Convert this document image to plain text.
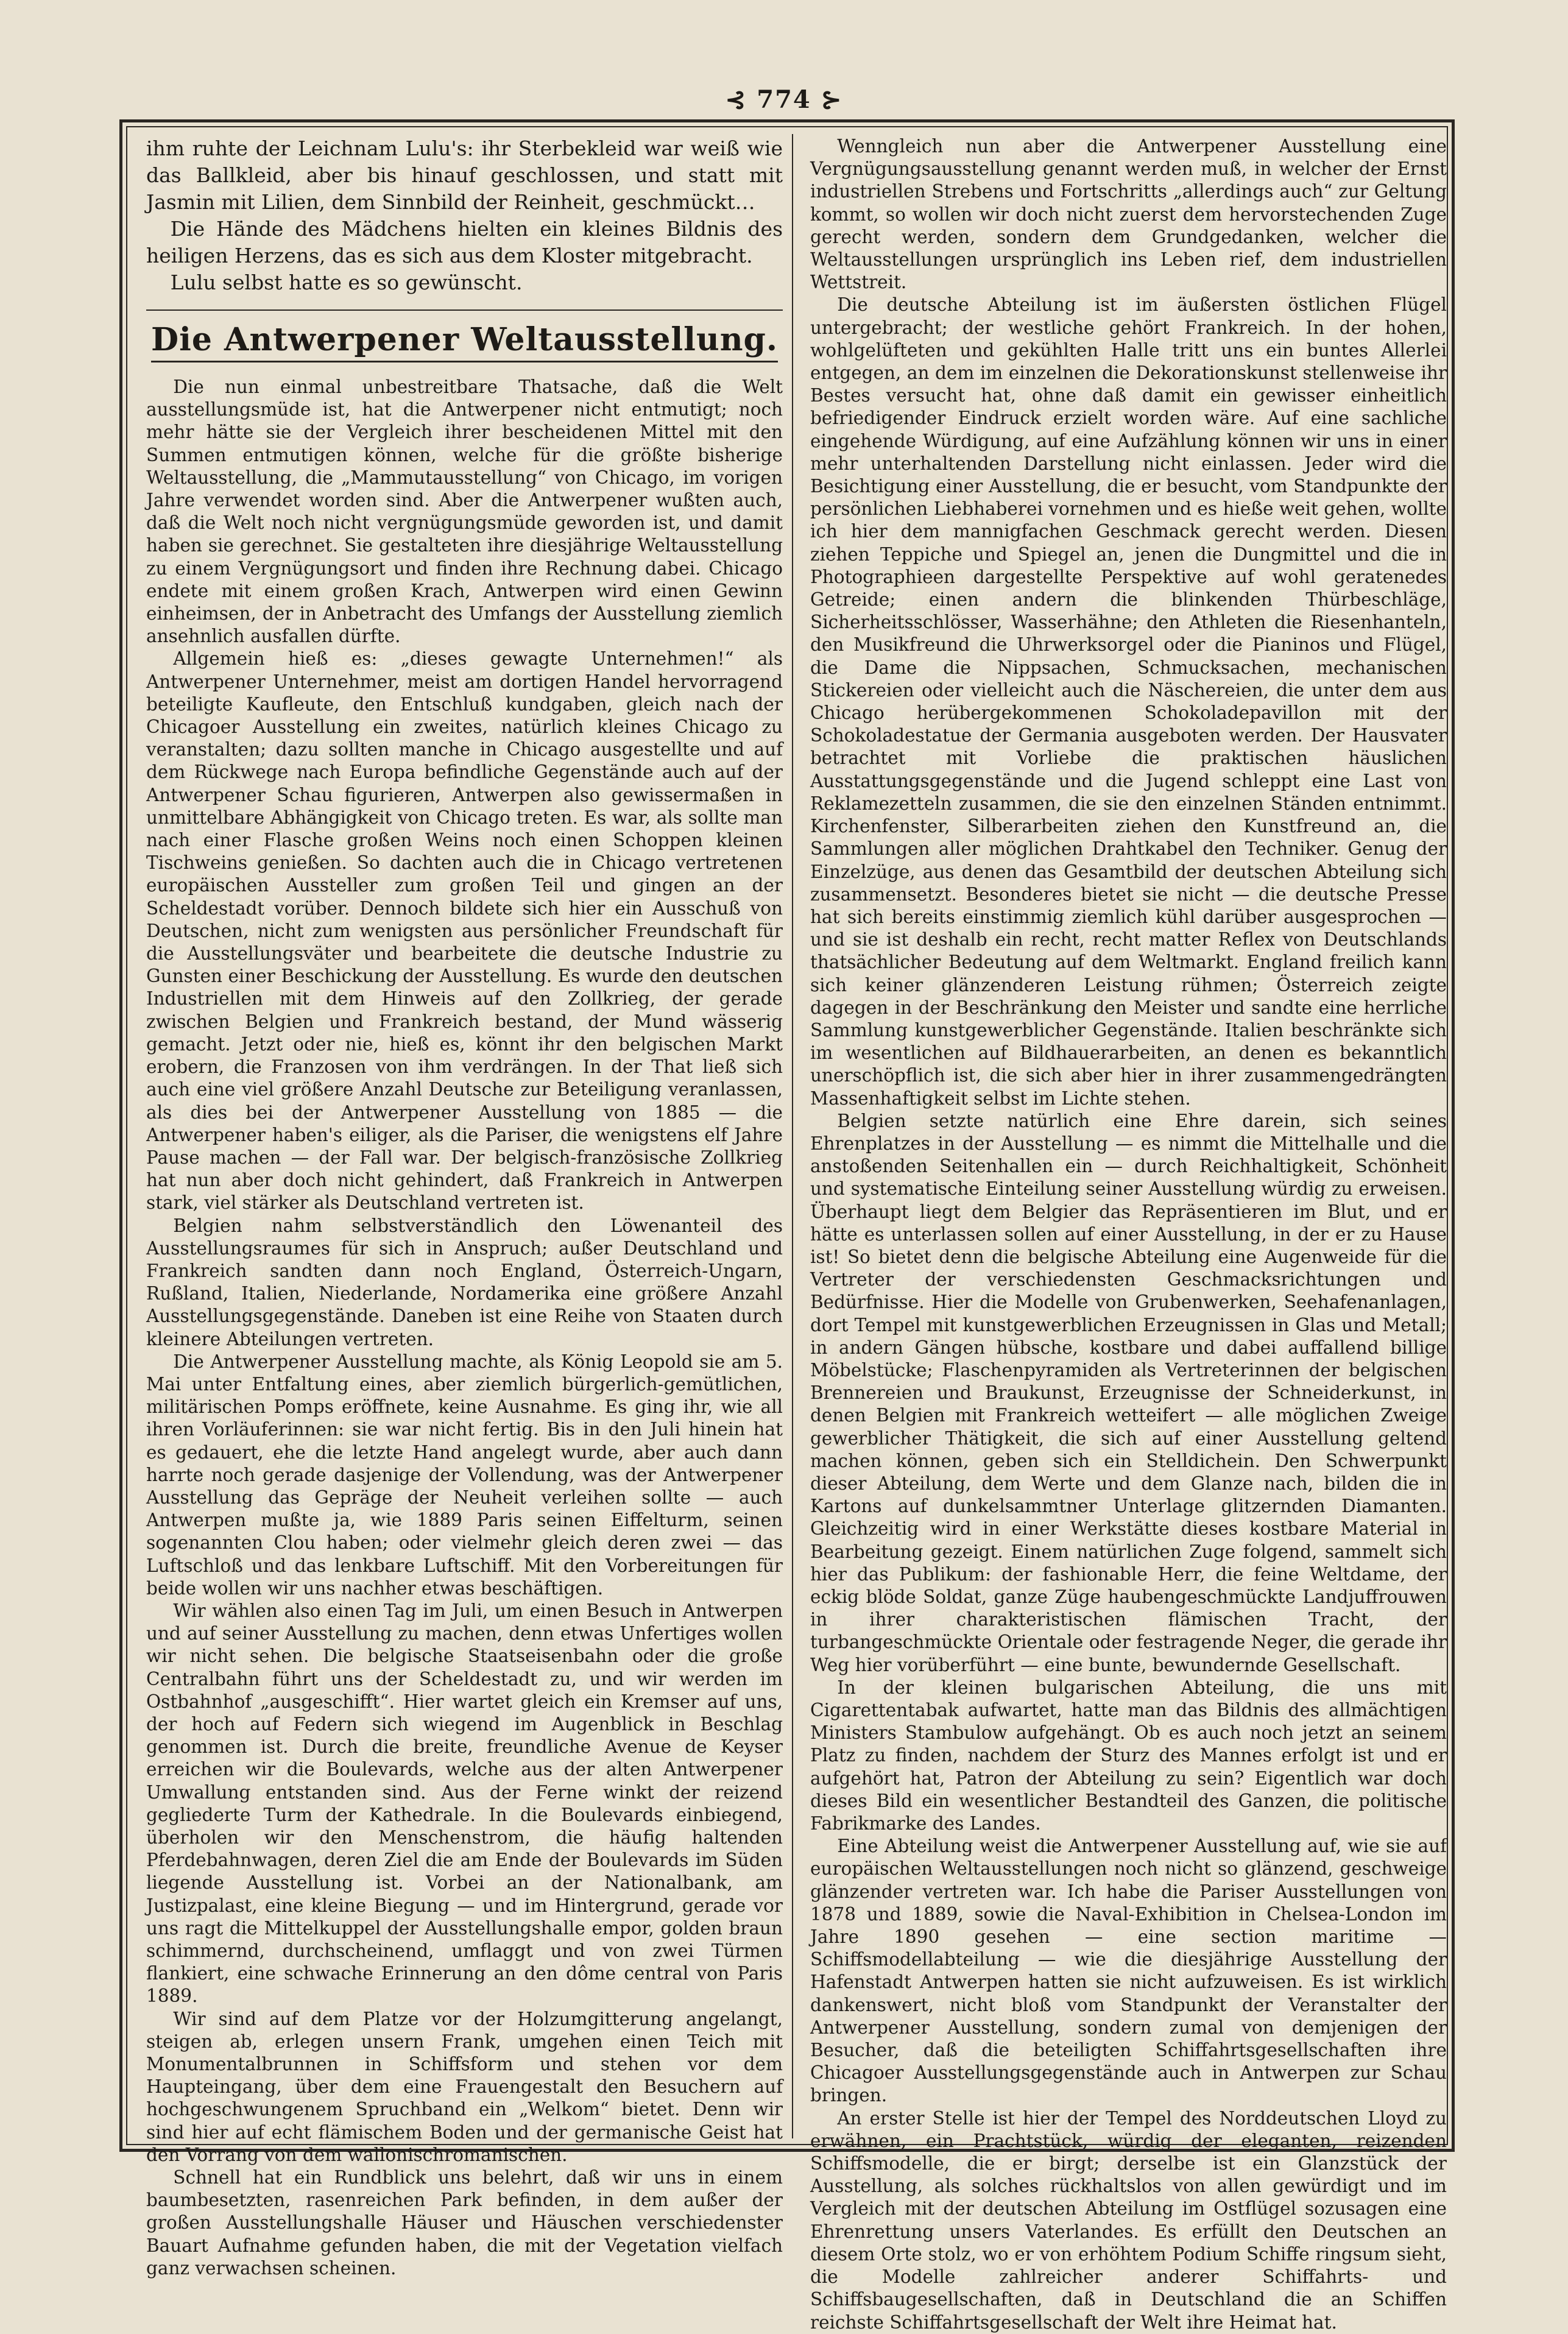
⊰ 774 ⊱

ihm ruhte der Leichnam Lulu's: ihr Sterbekleid war weiß wie das Ballkleid, aber bis hinauf geschlossen, und statt mit Jasmin mit Lilien, dem Sinnbild der Reinheit, geschmückt…

Die Hände des Mädchens hielten ein kleines Bildnis des heiligen Herzens, das es sich aus dem Kloster mitgebracht.

Lulu selbst hatte es so gewünscht.

Die Antwerpener Weltausstellung.

Die nun einmal unbestreitbare Thatsache, daß die Welt ausstellungsmüde ist, hat die Antwerpener nicht entmutigt; noch mehr hätte sie der Vergleich ihrer bescheidenen Mittel mit den Summen entmutigen können, welche für die größte bisherige Weltausstellung, die „Mammutausstellung“ von Chicago, im vorigen Jahre verwendet worden sind. Aber die Antwerpener wußten auch, daß die Welt noch nicht vergnügungsmüde geworden ist, und damit haben sie gerechnet. Sie gestalteten ihre diesjährige Weltausstellung zu einem Vergnügungsort und finden ihre Rechnung dabei. Chicago endete mit einem großen Krach, Antwerpen wird einen Gewinn einheimsen, der in Anbetracht des Umfangs der Ausstellung ziemlich ansehnlich ausfallen dürfte.

Allgemein hieß es: „dieses gewagte Unternehmen!“ als Antwerpener Unternehmer, meist am dortigen Handel hervorragend beteiligte Kaufleute, den Entschluß kundgaben, gleich nach der Chicagoer Ausstellung ein zweites, natürlich kleines Chicago zu veranstalten; dazu sollten manche in Chicago ausgestellte und auf dem Rückwege nach Europa befindliche Gegenstände auch auf der Antwerpener Schau figurieren, Antwerpen also gewissermaßen in unmittelbare Abhängigkeit von Chicago treten. Es war, als sollte man nach einer Flasche großen Weins noch einen Schoppen kleinen Tischweins genießen. So dachten auch die in Chicago vertretenen europäischen Aussteller zum großen Teil und gingen an der Scheldestadt vorüber. Dennoch bildete sich hier ein Ausschuß von Deutschen, nicht zum wenigsten aus persönlicher Freundschaft für die Ausstellungsväter und bearbeitete die deutsche Industrie zu Gunsten einer Beschickung der Ausstellung. Es wurde den deutschen Industriellen mit dem Hinweis auf den Zollkrieg, der gerade zwischen Belgien und Frankreich bestand, der Mund wässerig gemacht. Jetzt oder nie, hieß es, könnt ihr den belgischen Markt erobern, die Franzosen von ihm verdrängen. In der That ließ sich auch eine viel größere Anzahl Deutsche zur Beteiligung veranlassen, als dies bei der Antwerpener Ausstellung von 1885 — die Antwerpener haben's eiliger, als die Pariser, die wenigstens elf Jahre Pause machen — der Fall war. Der belgisch-französische Zollkrieg hat nun aber doch nicht gehindert, daß Frankreich in Antwerpen stark, viel stärker als Deutschland vertreten ist.

Belgien nahm selbstverständlich den Löwenanteil des Ausstellungsraumes für sich in Anspruch; außer Deutschland und Frankreich sandten dann noch England, Österreich-Ungarn, Rußland, Italien, Niederlande, Nordamerika eine größere Anzahl Ausstellungsgegenstände. Daneben ist eine Reihe von Staaten durch kleinere Abteilungen vertreten.

Die Antwerpener Ausstellung machte, als König Leopold sie am 5. Mai unter Entfaltung eines, aber ziemlich bürgerlich-gemütlichen, militärischen Pomps eröffnete, keine Ausnahme. Es ging ihr, wie all ihren Vorläuferinnen: sie war nicht fertig. Bis in den Juli hinein hat es gedauert, ehe die letzte Hand angelegt wurde, aber auch dann harrte noch gerade dasjenige der Vollendung, was der Antwerpener Ausstellung das Gepräge der Neuheit verleihen sollte — auch Antwerpen mußte ja, wie 1889 Paris seinen Eiffelturm, seinen sogenannten Clou haben; oder vielmehr gleich deren zwei — das Luftschloß und das lenkbare Luftschiff. Mit den Vorbereitungen für beide wollen wir uns nachher etwas beschäftigen.

Wir wählen also einen Tag im Juli, um einen Besuch in Antwerpen und auf seiner Ausstellung zu machen, denn etwas Unfertiges wollen wir nicht sehen. Die belgische Staatseisenbahn oder die große Centralbahn führt uns der Scheldestadt zu, und wir werden im Ostbahnhof „ausgeschifft“. Hier wartet gleich ein Kremser auf uns, der hoch auf Federn sich wiegend im Augenblick in Beschlag genommen ist. Durch die breite, freundliche Avenue de Keyser erreichen wir die Boulevards, welche aus der alten Antwerpener Umwallung entstanden sind. Aus der Ferne winkt der reizend gegliederte Turm der Kathedrale. In die Boulevards einbiegend, überholen wir den Menschenstrom, die häufig haltenden Pferdebahnwagen, deren Ziel die am Ende der Boulevards im Süden liegende Ausstellung ist. Vorbei an der Nationalbank, am Justizpalast, eine kleine Biegung — und im Hintergrund, gerade vor uns ragt die Mittelkuppel der Ausstellungshalle empor, golden braun schimmernd, durchscheinend, umflaggt und von zwei Türmen flankiert, eine schwache Erinnerung an den dôme central von Paris 1889.

Wir sind auf dem Platze vor der Holzumgitterung angelangt, steigen ab, erlegen unsern Frank, umgehen einen Teich mit Monumentalbrunnen in Schiffsform und stehen vor dem Haupteingang, über dem eine Frauengestalt den Besuchern auf hochgeschwungenem Spruchband ein „Welkom“ bietet. Denn wir sind hier auf echt flämischem Boden und der germanische Geist hat den Vorrang von dem wallonischromanischen.

Schnell hat ein Rundblick uns belehrt, daß wir uns in einem baumbesetzten, rasenreichen Park befinden, in dem außer der großen Ausstellungshalle Häuser und Häuschen verschiedenster Bauart Aufnahme gefunden haben, die mit der Vegetation vielfach ganz verwachsen scheinen.

Wenngleich nun aber die Antwerpener Ausstellung eine Vergnügungsausstellung genannt werden muß, in welcher der Ernst industriellen Strebens und Fortschritts „allerdings auch“ zur Geltung kommt, so wollen wir doch nicht zuerst dem hervorstechenden Zuge gerecht werden, sondern dem Grundgedanken, welcher die Weltausstellungen ursprünglich ins Leben rief, dem industriellen Wettstreit.

Die deutsche Abteilung ist im äußersten östlichen Flügel untergebracht; der westliche gehört Frankreich. In der hohen, wohlgelüfteten und gekühlten Halle tritt uns ein buntes Allerlei entgegen, an dem im einzelnen die Dekorationskunst stellenweise ihr Bestes versucht hat, ohne daß damit ein gewisser einheitlich befriedigender Eindruck erzielt worden wäre. Auf eine sachliche eingehende Würdigung, auf eine Aufzählung können wir uns in einer mehr unterhaltenden Darstellung nicht einlassen. Jeder wird die Besichtigung einer Ausstellung, die er besucht, vom Standpunkte der persönlichen Liebhaberei vornehmen und es hieße weit gehen, wollte ich hier dem mannigfachen Geschmack gerecht werden. Diesen ziehen Teppiche und Spiegel an, jenen die Dungmittel und die in Photographieen dargestellte Perspektive auf wohl geratenedes Getreide; einen andern die blinkenden Thürbeschläge, Sicherheitsschlösser, Wasserhähne; den Athleten die Riesenhanteln, den Musikfreund die Uhrwerksorgel oder die Pianinos und Flügel, die Dame die Nippsachen, Schmucksachen, mechanischen Stickereien oder vielleicht auch die Näschereien, die unter dem aus Chicago herübergekommenen Schokoladepavillon mit der Schokoladestatue der Germania ausgeboten werden. Der Hausvater betrachtet mit Vorliebe die praktischen häuslichen Ausstattungsgegenstände und die Jugend schleppt eine Last von Reklamezetteln zusammen, die sie den einzelnen Ständen entnimmt. Kirchenfenster, Silberarbeiten ziehen den Kunstfreund an, die Sammlungen aller möglichen Drahtkabel den Techniker. Genug der Einzelzüge, aus denen das Gesamtbild der deutschen Abteilung sich zusammensetzt. Besonderes bietet sie nicht — die deutsche Presse hat sich bereits einstimmig ziemlich kühl darüber ausgesprochen — und sie ist deshalb ein recht, recht matter Reflex von Deutschlands thatsächlicher Bedeutung auf dem Weltmarkt. England freilich kann sich keiner glänzenderen Leistung rühmen; Österreich zeigte dagegen in der Beschränkung den Meister und sandte eine herrliche Sammlung kunstgewerblicher Gegenstände. Italien beschränkte sich im wesentlichen auf Bildhauerarbeiten, an denen es bekanntlich unerschöpflich ist, die sich aber hier in ihrer zusammengedrängten Massenhaftigkeit selbst im Lichte stehen.

Belgien setzte natürlich eine Ehre darein, sich seines Ehrenplatzes in der Ausstellung — es nimmt die Mittelhalle und die anstoßenden Seitenhallen ein — durch Reichhaltigkeit, Schönheit und systematische Einteilung seiner Ausstellung würdig zu erweisen. Überhaupt liegt dem Belgier das Repräsentieren im Blut, und er hätte es unterlassen sollen auf einer Ausstellung, in der er zu Hause ist! So bietet denn die belgische Abteilung eine Augenweide für die Vertreter der verschiedensten Geschmacksrichtungen und Bedürfnisse. Hier die Modelle von Grubenwerken, Seehafenanlagen, dort Tempel mit kunstgewerblichen Erzeugnissen in Glas und Metall; in andern Gängen hübsche, kostbare und dabei auffallend billige Möbelstücke; Flaschenpyramiden als Vertreterinnen der belgischen Brennereien und Braukunst, Erzeugnisse der Schneiderkunst, in denen Belgien mit Frankreich wetteifert — alle möglichen Zweige gewerblicher Thätigkeit, die sich auf einer Ausstellung geltend machen können, geben sich ein Stelldichein. Den Schwerpunkt dieser Abteilung, dem Werte und dem Glanze nach, bilden die in Kartons auf dunkelsammtner Unterlage glitzernden Diamanten. Gleichzeitig wird in einer Werkstätte dieses kostbare Material in Bearbeitung gezeigt. Einem natürlichen Zuge folgend, sammelt sich hier das Publikum: der fashionable Herr, die feine Weltdame, der eckig blöde Soldat, ganze Züge haubengeschmückte Landjuffrouwen in ihrer charakteristischen flämischen Tracht, der turbangeschmückte Orientale oder festragende Neger, die gerade ihr Weg hier vorüberführt — eine bunte, bewundernde Gesellschaft.

In der kleinen bulgarischen Abteilung, die uns mit Cigarettentabak aufwartet, hatte man das Bildnis des allmächtigen Ministers Stambulow aufgehängt. Ob es auch noch jetzt an seinem Platz zu finden, nachdem der Sturz des Mannes erfolgt ist und er aufgehört hat, Patron der Abteilung zu sein? Eigentlich war doch dieses Bild ein wesentlicher Bestandteil des Ganzen, die politische Fabrikmarke des Landes.

Eine Abteilung weist die Antwerpener Ausstellung auf, wie sie auf europäischen Weltausstellungen noch nicht so glänzend, geschweige glänzender vertreten war. Ich habe die Pariser Ausstellungen von 1878 und 1889, sowie die Naval-Exhibition in Chelsea-London im Jahre 1890 gesehen — eine section maritime — Schiffsmodellabteilung — wie die diesjährige Ausstellung der Hafenstadt Antwerpen hatten sie nicht aufzuweisen. Es ist wirklich dankenswert, nicht bloß vom Standpunkt der Veranstalter der Antwerpener Ausstellung, sondern zumal von demjenigen der Besucher, daß die beteiligten Schiffahrtsgesellschaften ihre Chicagoer Ausstellungsgegenstände auch in Antwerpen zur Schau bringen.

An erster Stelle ist hier der Tempel des Norddeutschen Lloyd zu erwähnen, ein Prachtstück, würdig der eleganten, reizenden Schiffsmodelle, die er birgt; derselbe ist ein Glanzstück der Ausstellung, als solches rückhaltslos von allen gewürdigt und im Vergleich mit der deutschen Abteilung im Ostflügel sozusagen eine Ehrenrettung unsers Vaterlandes. Es erfüllt den Deutschen an diesem Orte stolz, wo er von erhöhtem Podium Schiffe ringsum sieht, die Modelle zahlreicher anderer Schiffahrts- und Schiffsbaugesellschaften, daß in Deutschland die an Schiffen reichste Schiffahrtsgesellschaft der Welt ihre Heimat hat.
